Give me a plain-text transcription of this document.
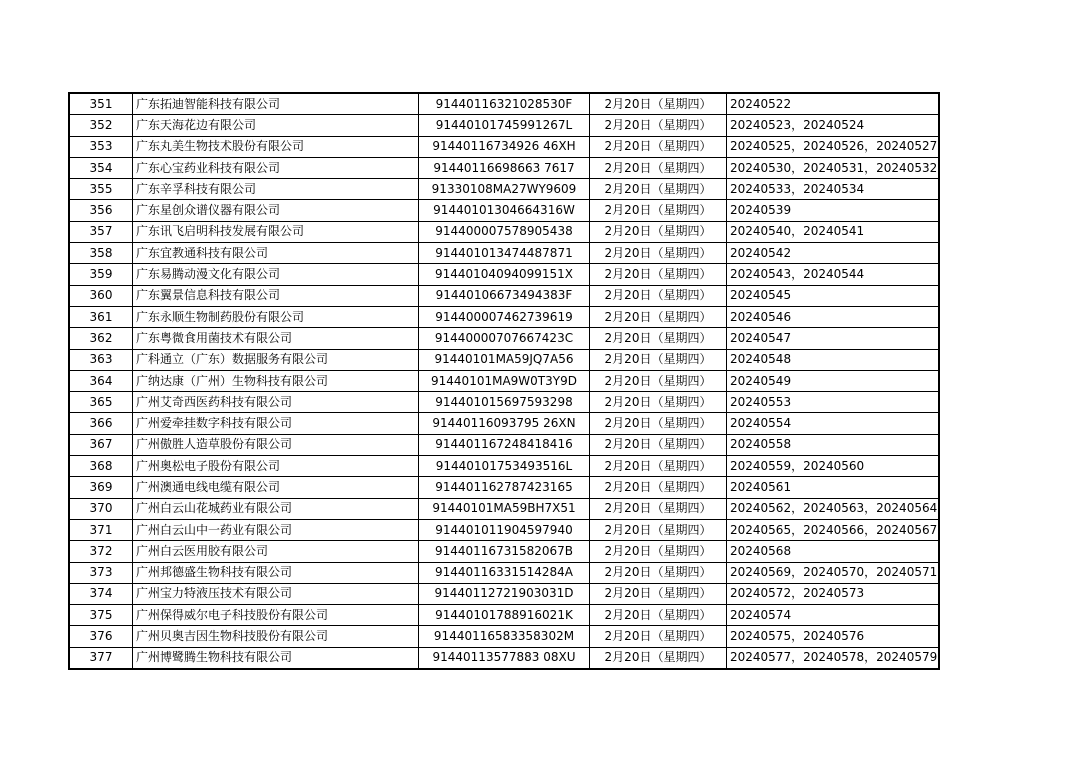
351	广东拓迪智能科技有限公司	91440116321028530F	2月20日（星期四）	20240522
352	广东天海花边有限公司	91440101745991267L	2月20日（星期四）	20240523，20240524
353	广东丸美生物技术股份有限公司	91440116734926 46XH	2月20日（星期四）	20240525，20240526，20240527
354	广东心宝药业科技有限公司	91440116698663 7617	2月20日（星期四）	20240530，20240531，20240532
355	广东辛孚科技有限公司	91330108MA27WY9609	2月20日（星期四）	20240533，20240534
356	广东星创众谱仪器有限公司	91440101304664316W	2月20日（星期四）	20240539
357	广东讯飞启明科技发展有限公司	914400007578905438	2月20日（星期四）	20240540，20240541
358	广东宜教通科技有限公司	914401013474487871	2月20日（星期四）	20240542
359	广东易腾动漫文化有限公司	91440104094099151X	2月20日（星期四）	20240543，20240544
360	广东翼景信息科技有限公司	91440106673494383F	2月20日（星期四）	20240545
361	广东永顺生物制药股份有限公司	914400007462739619	2月20日（星期四）	20240546
362	广东粤微食用菌技术有限公司	91440000707667423C	2月20日（星期四）	20240547
363	广科通立（广东）数据服务有限公司	91440101MA59JQ7A56	2月20日（星期四）	20240548
364	广纳达康（广州）生物科技有限公司	91440101MA9W0T3Y9D	2月20日（星期四）	20240549
365	广州艾奇西医药科技有限公司	914401015697593298	2月20日（星期四）	20240553
366	广州爱牵挂数字科技有限公司	91440116093795 26XN	2月20日（星期四）	20240554
367	广州傲胜人造草股份有限公司	914401167248418416	2月20日（星期四）	20240558
368	广州奥松电子股份有限公司	91440101753493516L	2月20日（星期四）	20240559，20240560
369	广州澳通电线电缆有限公司	914401162787423165	2月20日（星期四）	20240561
370	广州白云山花城药业有限公司	91440101MA59BH7X51	2月20日（星期四）	20240562，20240563，20240564
371	广州白云山中一药业有限公司	914401011904597940	2月20日（星期四）	20240565，20240566，20240567
372	广州白云医用胶有限公司	91440116731582067B	2月20日（星期四）	20240568
373	广州邦德盛生物科技有限公司	91440116331514284A	2月20日（星期四）	20240569，20240570，20240571
374	广州宝力特液压技术有限公司	91440112721903031D	2月20日（星期四）	20240572，20240573
375	广州保得威尔电子科技股份有限公司	91440101788916021K	2月20日（星期四）	20240574
376	广州贝奥吉因生物科技股份有限公司	91440116583358302M	2月20日（星期四）	20240575，20240576
377	广州博鹭腾生物科技有限公司	91440113577883 08XU	2月20日（星期四）	20240577，20240578，20240579
